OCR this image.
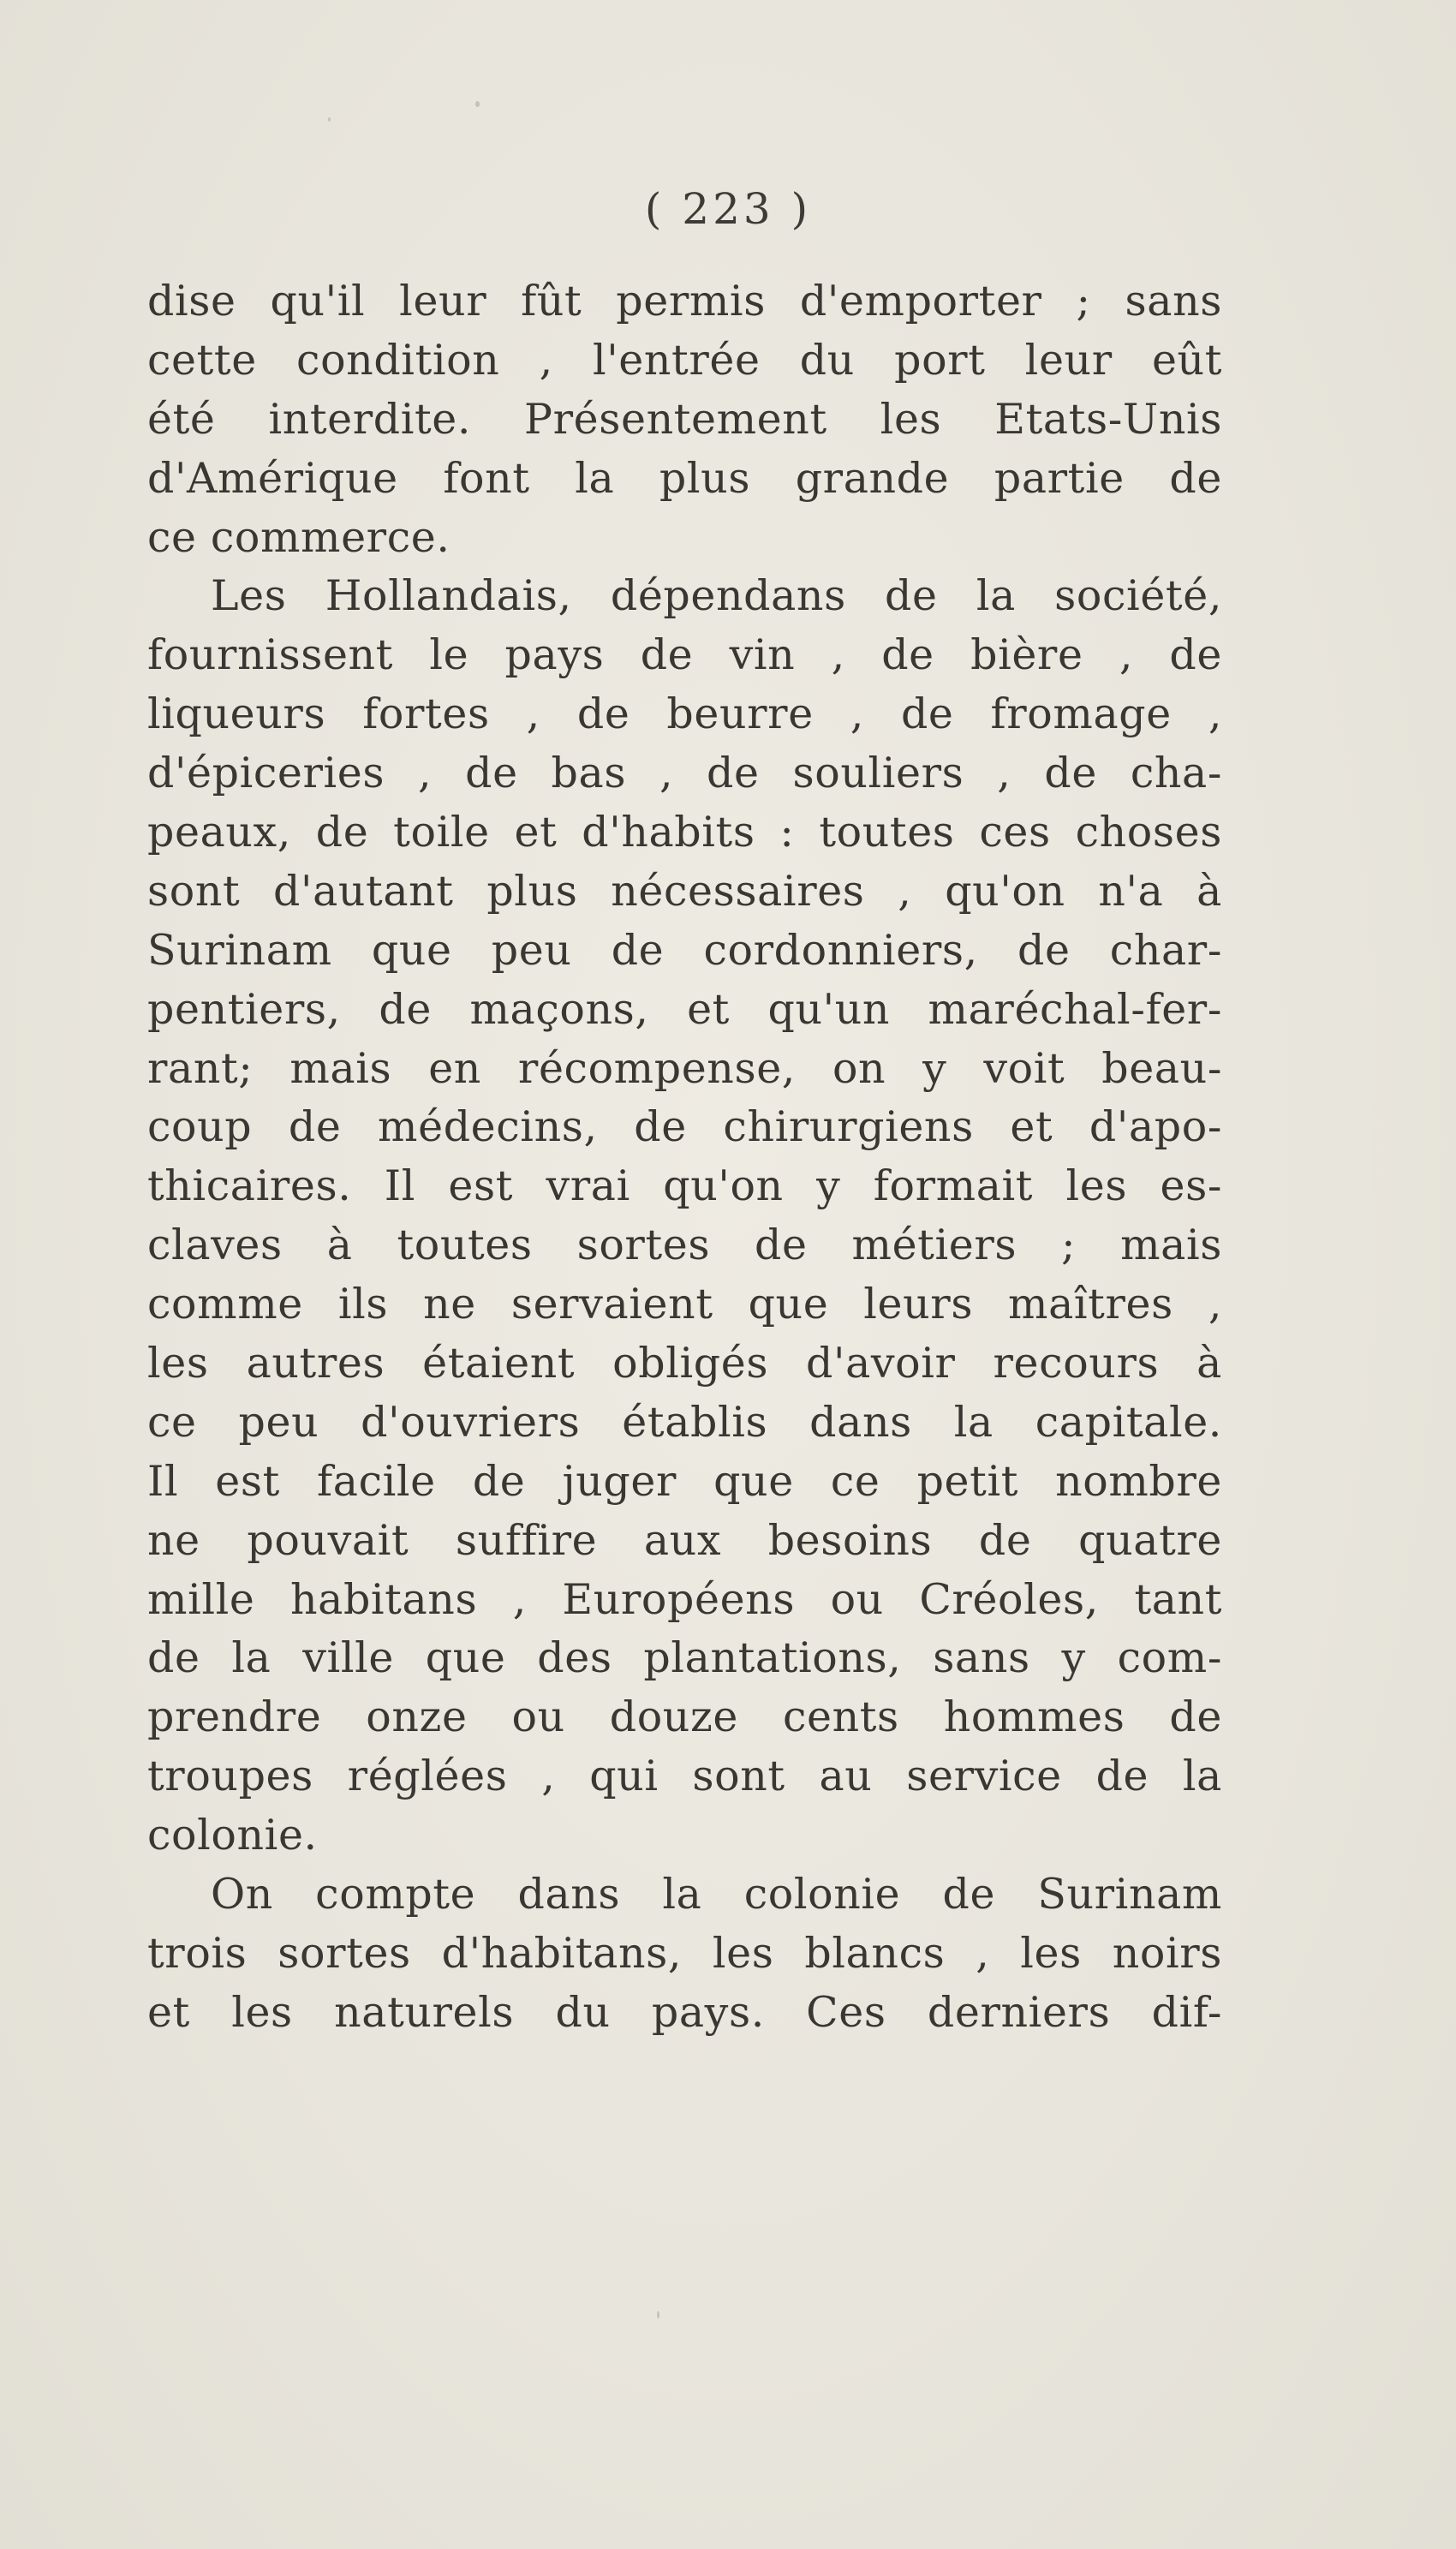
( 223 )
dise qu'il leur fût permis d'emporter ; sans
cette condition , l'entrée du port leur eût
été interdite. Présentement les Etats-Unis
d'Amérique font la plus grande partie de
ce commerce.
Les Hollandais, dépendans de la société,
fournissent le pays de vin , de bière , de
liqueurs fortes , de beurre , de fromage ,
d'épiceries , de bas , de souliers , de cha-
peaux, de toile et d'habits : toutes ces choses
sont d'autant plus nécessaires , qu'on n'a à
Surinam que peu de cordonniers, de char-
pentiers, de maçons, et qu'un maréchal-fer-
rant; mais en récompense, on y voit beau-
coup de médecins, de chirurgiens et d'apo-
thicaires. Il est vrai qu'on y formait les es-
claves à toutes sortes de métiers ; mais
comme ils ne servaient que leurs maîtres ,
les autres étaient obligés d'avoir recours à
ce peu d'ouvriers établis dans la capitale.
Il est facile de juger que ce petit nombre
ne pouvait suffire aux besoins de quatre
mille habitans , Européens ou Créoles, tant
de la ville que des plantations, sans y com-
prendre onze ou douze cents hommes de
troupes réglées , qui sont au service de la
colonie.
On compte dans la colonie de Surinam
trois sortes d'habitans, les blancs , les noirs
et les naturels du pays. Ces derniers dif-
